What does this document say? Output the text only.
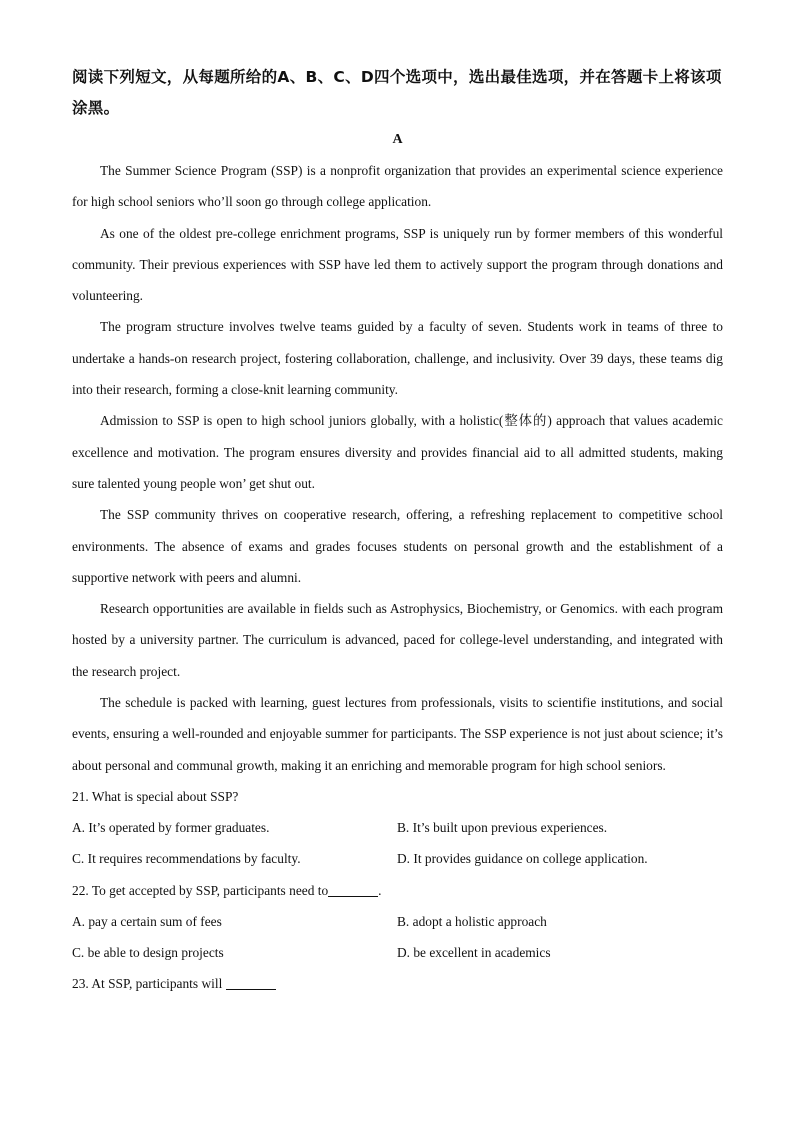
阅读下列短文，从每题所给的A、B、C、D四个选项中，选出最佳选项，并在答题卡上将该项涂黑。

A

The Summer Science Program (SSP) is a nonprofit organization that provides an experimental science experience for high school seniors who’ll soon go through college application.

As one of the oldest pre-college enrichment programs, SSP is uniquely run by former members of this wonderful community. Their previous experiences with SSP have led them to actively support the program through donations and volunteering.

The program structure involves twelve teams guided by a faculty of seven. Students work in teams of three to undertake a hands-on research project, fostering collaboration, challenge, and inclusivity. Over 39 days, these teams dig into their research, forming a close-knit learning community.

Admission to SSP is open to high school juniors globally, with a holistic(整体的) approach that values academic excellence and motivation. The program ensures diversity and provides financial aid to all admitted students, making sure talented young people won’ get shut out.

The SSP community thrives on cooperative research, offering, a refreshing replacement to competitive school environments. The absence of exams and grades focuses students on personal growth and the establishment of a supportive network with peers and alumni.

Research opportunities are available in fields such as Astrophysics, Biochemistry, or Genomics. with each program hosted by a university partner. The curriculum is advanced, paced for college-level understanding, and integrated with the research project.

The schedule is packed with learning, guest lectures from professionals, visits to scientifie institutions, and social events, ensuring a well-rounded and enjoyable summer for participants. The SSP experience is not just about science; it’s about personal and communal growth, making it an enriching and memorable program for high school seniors.

21. What is special about SSP?

A. It’s operated by former graduates.	B. It’s built upon previous experiences.
C. It requires recommendations by faculty.	D. It provides guidance on college application.

22. To get accepted by SSP, participants need to	.

A. pay a certain sum of fees	B. adopt a holistic approach
C. be able to design projects	D. be excellent in academics

23. At SSP, participants will
